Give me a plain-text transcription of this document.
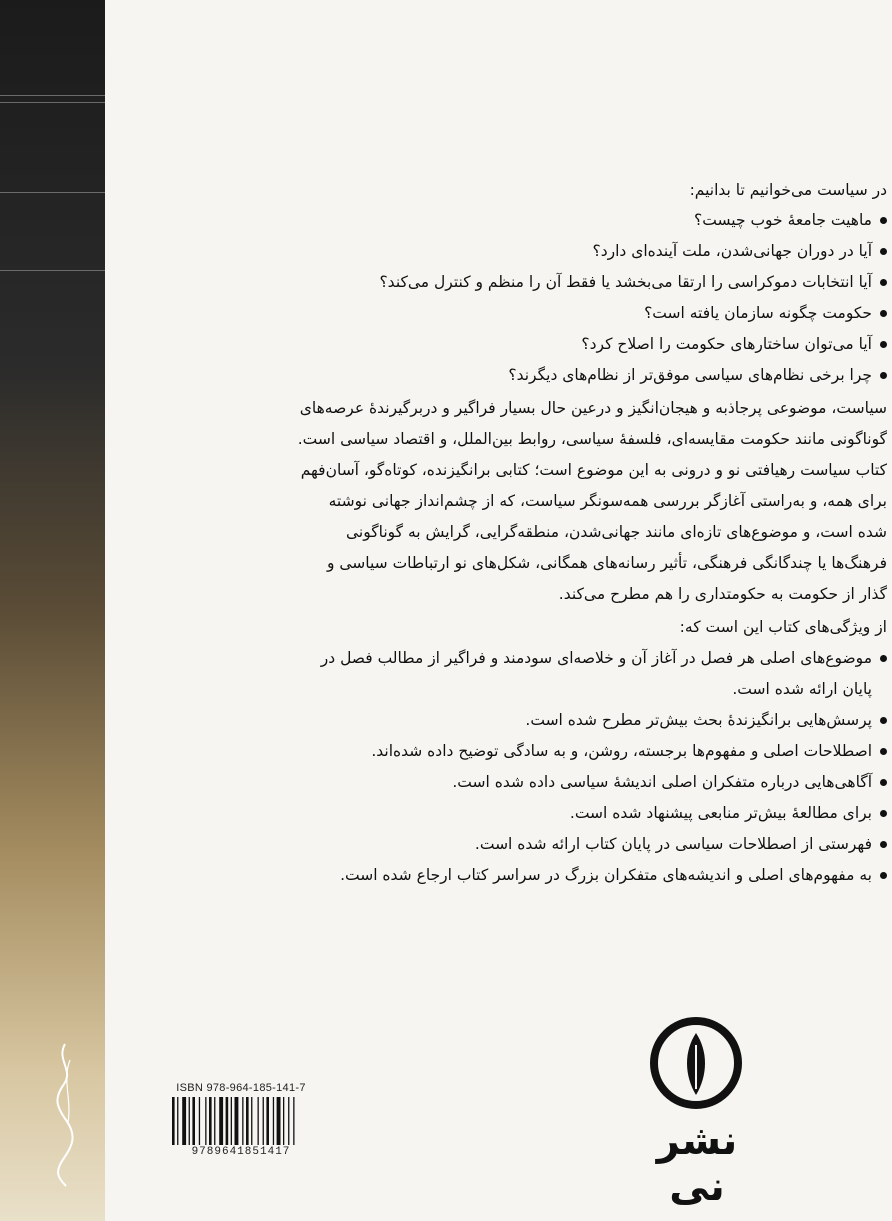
در سیاست می‌خوانیم تا بدانیم:
ماهیت جامعهٔ خوب چیست؟
آیا در دوران جهانی‌شدن، ملت آینده‌ای دارد؟
آیا انتخابات دموکراسی را ارتقا می‌بخشد یا فقط آن را منظم و کنترل می‌کند؟
حکومت چگونه سازمان یافته است؟
آیا می‌توان ساختارهای حکومت را اصلاح کرد؟
چرا برخی نظام‌های سیاسی موفق‌تر از نظام‌های دیگرند؟
سیاست، موضوعی پرجاذبه و هیجان‌انگیز و درعین حال بسیار فراگیر و دربرگیرندهٔ عرصه‌های
گوناگونی مانند حکومت مقایسه‌ای، فلسفهٔ سیاسی، روابط بین‌الملل، و اقتصاد سیاسی است.
کتاب سیاست رهیافتی نو و درونی به این موضوع است؛ کتابی برانگیزنده، کوتاه‌گو، آسان‌فهم
برای همه، و به‌راستی آغازگر بررسی همه‌سونگر سیاست، که از چشم‌انداز جهانی نوشته
شده است، و موضوع‌های تازه‌ای مانند جهانی‌شدن، منطقه‌گرایی، گرایش به گوناگونی
فرهنگ‌ها یا چندگانگی فرهنگی، تأثیر رسانه‌های همگانی، شکل‌های نو ارتباطات سیاسی و
گذار از حکومت به حکومتداری را هم مطرح می‌کند.
از ویژگی‌های کتاب این است که:
موضوع‌های اصلی هر فصل در آغاز آن و خلاصه‌ای سودمند و فراگیر از مطالب فصل در
پایان ارائه شده است.
پرسش‌هایی برانگیزندهٔ بحث بیش‌تر مطرح شده است.
اصطلاحات اصلی و مفهوم‌ها برجسته، روشن، و به سادگی توضیح داده شده‌اند.
آگاهی‌هایی درباره متفکران اصلی اندیشهٔ سیاسی داده شده است.
برای مطالعهٔ بیش‌تر منابعی پیشنهاد شده است.
فهرستی از اصطلاحات سیاسی در پایان کتاب ارائه شده است.
به مفهوم‌های اصلی و اندیشه‌های متفکران بزرگ در سراسر کتاب ارجاع شده است.
ISBN 978-964-185-141-7
9789641851417	نشر نی
